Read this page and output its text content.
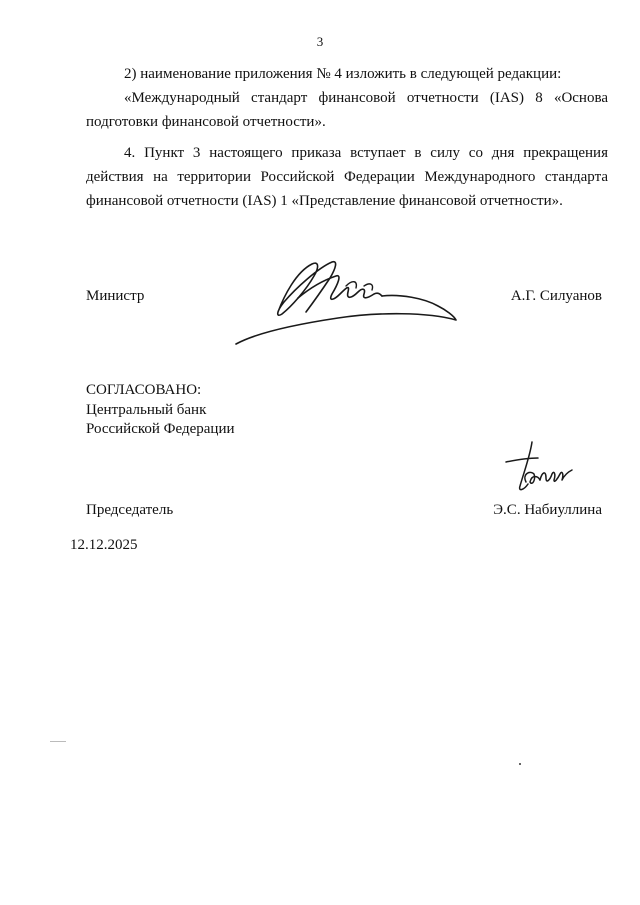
3
2) наименование приложения № 4 изложить в следующей редакции:
«Международный стандарт финансовой отчетности (IAS) 8 «Основа подготовки финансовой отчетности».
4. Пункт 3 настоящего приказа вступает в силу со дня прекращения действия на территории Российской Федерации Международного стандарта финансовой отчетности (IAS) 1 «Представление финансовой отчетности».
Министр	А.Г. Силуанов
СОГЛАСОВАНО:
Центральный банк
Российской Федерации
Председатель	Э.С. Набиуллина
12.12.2025
